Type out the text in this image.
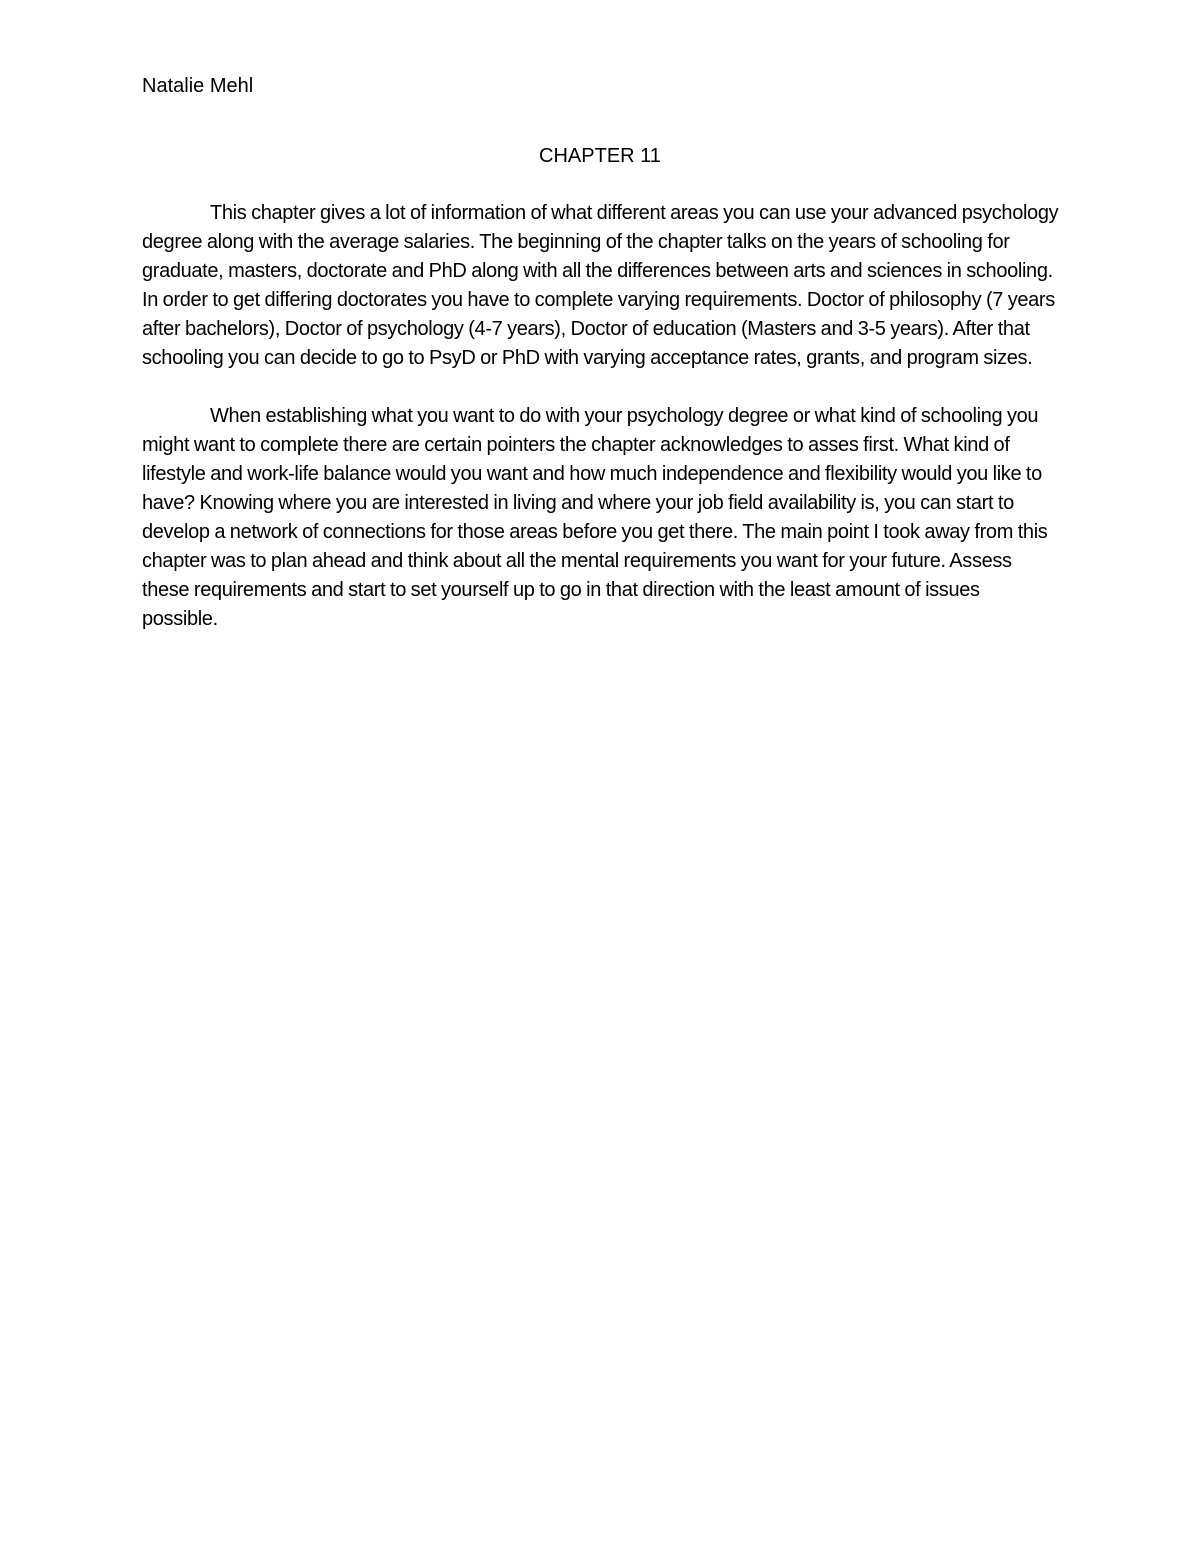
Natalie Mehl
CHAPTER 11

This chapter gives a lot of information of what different areas you can use your advanced psychology degree along with the average salaries. The beginning of the chapter talks on the years of schooling for graduate, masters, doctorate and PhD along with all the differences between arts and sciences in schooling. In order to get differing doctorates you have to complete varying requirements. Doctor of philosophy (7 years after bachelors), Doctor of psychology (4-7 years), Doctor of education (Masters and 3-5 years). After that schooling you can decide to go to PsyD or PhD with varying acceptance rates, grants, and program sizes.

When establishing what you want to do with your psychology degree or what kind of schooling you might want to complete there are certain pointers the chapter acknowledges to asses first. What kind of lifestyle and work-life balance would you want and how much independence and flexibility would you like to have? Knowing where you are interested in living and where your job field availability is, you can start to develop a network of connections for those areas before you get there. The main point I took away from this chapter was to plan ahead and think about all the mental requirements you want for your future. Assess these requirements and start to set yourself up to go in that direction with the least amount of issues possible.
